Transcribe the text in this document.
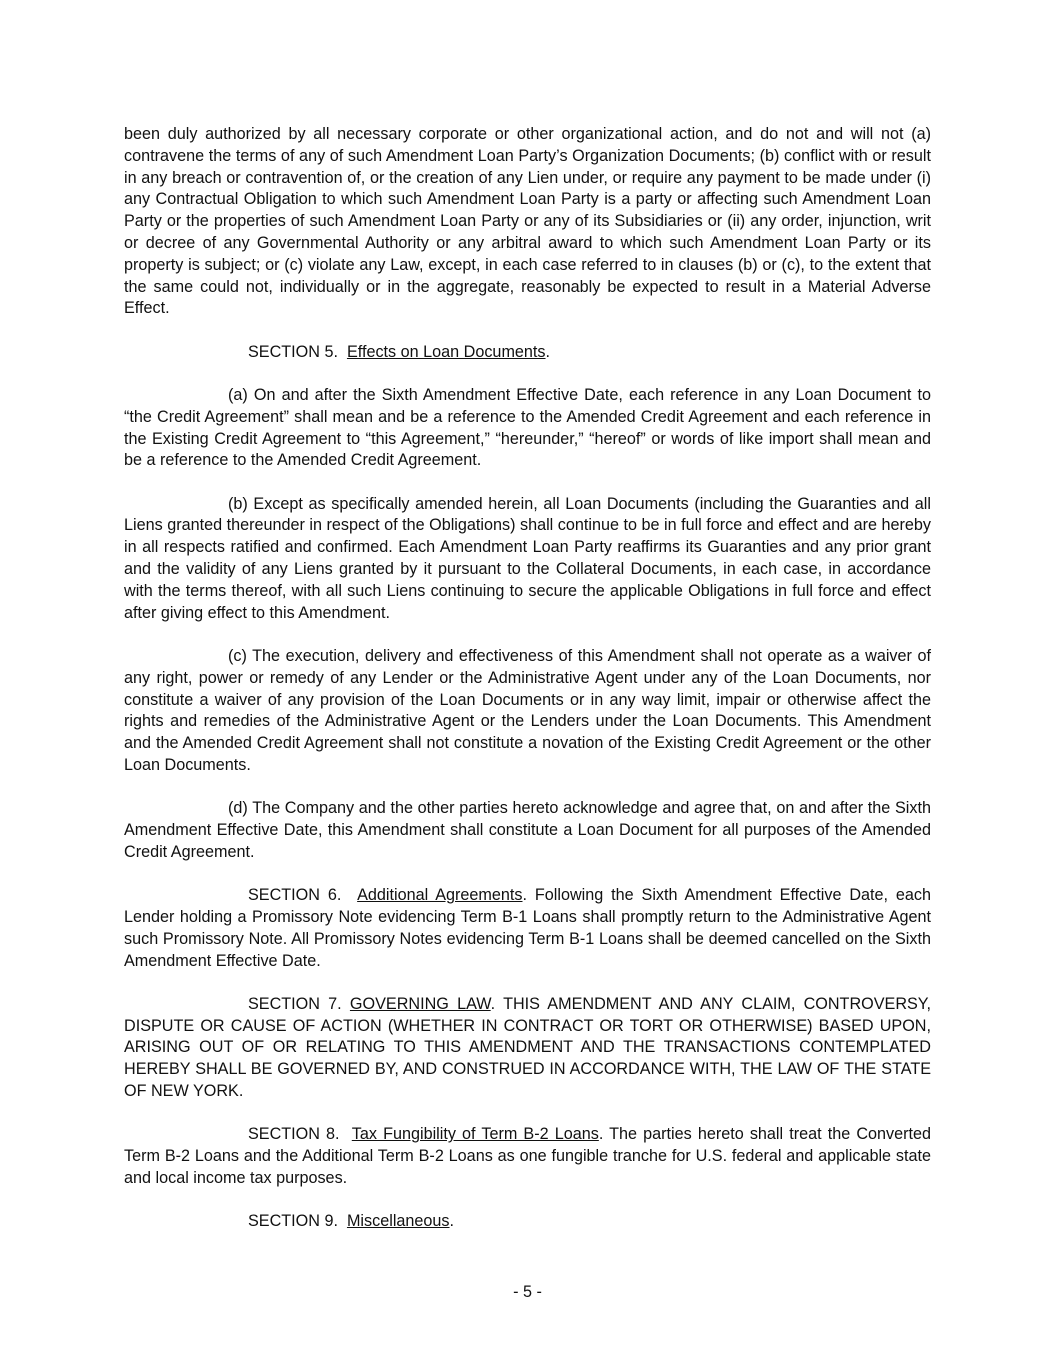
been duly authorized by all necessary corporate or other organizational action, and do not and will not (a) contravene the terms of any of such Amendment Loan Party’s Organization Documents; (b) conflict with or result in any breach or contravention of, or the creation of any Lien under, or require any payment to be made under (i) any Contractual Obligation to which such Amendment Loan Party is a party or affecting such Amendment Loan Party or the properties of such Amendment Loan Party or any of its Subsidiaries or (ii) any order, injunction, writ or decree of any Governmental Authority or any arbitral award to which such Amendment Loan Party or its property is subject; or (c) violate any Law, except, in each case referred to in clauses (b) or (c), to the extent that the same could not, individually or in the aggregate, reasonably be expected to result in a Material Adverse Effect.

SECTION 5. Effects on Loan Documents.

(a) On and after the Sixth Amendment Effective Date, each reference in any Loan Document to “the Credit Agreement” shall mean and be a reference to the Amended Credit Agreement and each reference in the Existing Credit Agreement to “this Agreement,” “hereunder,” “hereof” or words of like import shall mean and be a reference to the Amended Credit Agreement.

(b) Except as specifically amended herein, all Loan Documents (including the Guaranties and all Liens granted thereunder in respect of the Obligations) shall continue to be in full force and effect and are hereby in all respects ratified and confirmed. Each Amendment Loan Party reaffirms its Guaranties and any prior grant and the validity of any Liens granted by it pursuant to the Collateral Documents, in each case, in accordance with the terms thereof, with all such Liens continuing to secure the applicable Obligations in full force and effect after giving effect to this Amendment.

(c) The execution, delivery and effectiveness of this Amendment shall not operate as a waiver of any right, power or remedy of any Lender or the Administrative Agent under any of the Loan Documents, nor constitute a waiver of any provision of the Loan Documents or in any way limit, impair or otherwise affect the rights and remedies of the Administrative Agent or the Lenders under the Loan Documents. This Amendment and the Amended Credit Agreement shall not constitute a novation of the Existing Credit Agreement or the other Loan Documents.

(d) The Company and the other parties hereto acknowledge and agree that, on and after the Sixth Amendment Effective Date, this Amendment shall constitute a Loan Document for all purposes of the Amended Credit Agreement.

SECTION 6. Additional Agreements. Following the Sixth Amendment Effective Date, each Lender holding a Promissory Note evidencing Term B-1 Loans shall promptly return to the Administrative Agent such Promissory Note. All Promissory Notes evidencing Term B-1 Loans shall be deemed cancelled on the Sixth Amendment Effective Date.

SECTION 7. GOVERNING LAW. THIS AMENDMENT AND ANY CLAIM, CONTROVERSY, DISPUTE OR CAUSE OF ACTION (WHETHER IN CONTRACT OR TORT OR OTHERWISE) BASED UPON, ARISING OUT OF OR RELATING TO THIS AMENDMENT AND THE TRANSACTIONS CONTEMPLATED HEREBY SHALL BE GOVERNED BY, AND CONSTRUED IN ACCORDANCE WITH, THE LAW OF THE STATE OF NEW YORK.

SECTION 8. Tax Fungibility of Term B-2 Loans. The parties hereto shall treat the Converted Term B-2 Loans and the Additional Term B-2 Loans as one fungible tranche for U.S. federal and applicable state and local income tax purposes.

SECTION 9. Miscellaneous.

- 5 -
